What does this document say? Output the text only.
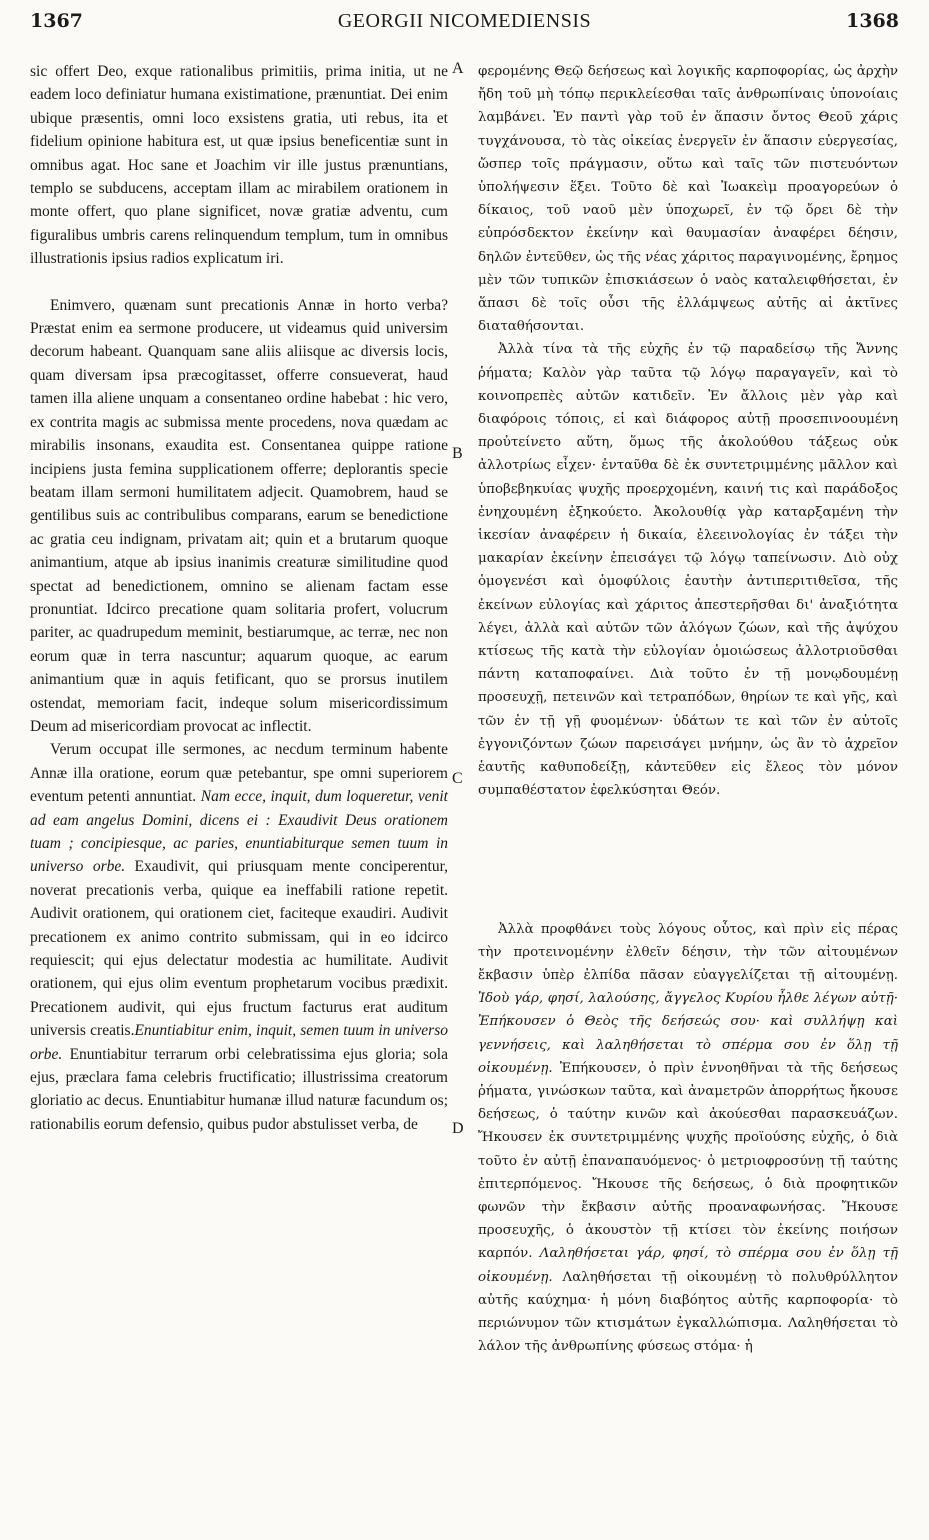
1367	GEORGII NICOMEDIENSIS	1368
A
B
C
D

sic offert Deo, exque rationalibus primitiis, prima initia, ut ne eadem loco definiatur humana existimatione, prænuntiat. Dei enim ubique præsentis, omni loco exsistens gratia, uti rebus, ita et fidelium opinione habitura est, ut quæ ipsius beneficentiæ sunt in omnibus agat. Hoc sane et Joachim vir ille justus prænuntians, templo se subducens, acceptam illam ac mirabilem orationem in monte offert, quo plane significet, novæ gratiæ adventu, cum figuralibus umbris carens relinquendum templum, tum in omnibus illustrationis ipsius radios explicatum iri.

Enimvero, quænam sunt precationis Annæ in horto verba? Præstat enim ea sermone producere, ut videamus quid universim decorum habeant. Quanquam sane aliis aliisque ac diversis locis, quam diversam ipsa præcogitasset, offerre consueverat, haud tamen illa aliene unquam a consentaneo ordine habebat : hic vero, ex contrita magis ac submissa mente procedens, nova quædam ac mirabilis insonans, exaudita est. Consentanea quippe ratione incipiens justa femina supplicationem offerre; deplorantis specie beatam illam sermoni humilitatem adjecit. Quamobrem, haud se gentilibus suis ac contribulibus comparans, earum se benedictione ac gratia ceu indignam, privatam ait; quin et a brutarum quoque animantium, atque ab ipsius inanimis creaturæ similitudine quod spectat ad benedictionem, omnino se alienam factam esse pronuntiat. Idcirco precatione quam solitaria profert, volucrum pariter, ac quadrupedum meminit, bestiarumque, ac terræ, nec non eorum quæ in terra nascuntur; aquarum quoque, ac earum animantium quæ in aquis fetificant, quo se prorsus inutilem ostendat, memoriam facit, indeque solum misericordissimum Deum ad misericordiam provocat ac inflectit.

Verum occupat ille sermones, ac necdum terminum habente Annæ illa oratione, eorum quæ petebantur, spe omni superiorem eventum petenti annuntiat. Nam ecce, inquit, dum loqueretur, venit ad eam angelus Domini, dicens ei : Exaudivit Deus orationem tuam ; concipiesque, ac paries, enuntiabiturque semen tuum in universo orbe. Exaudivit, qui priusquam mente conciperentur, noverat precationis verba, quique ea ineffabili ratione repetit. Audivit orationem, qui orationem ciet, faciteque exaudiri. Audivit precationem ex animo contrito submissam, qui in eo idcirco requiescit; qui ejus delectatur modestia ac humilitate. Audivit orationem, qui ejus olim eventum prophetarum vocibus prædixit. Precationem audivit, qui ejus fructum facturus erat auditum universis creatis.Enuntiabitur enim, inquit, semen tuum in universo orbe. Enuntiabitur terrarum orbi celebratissima ejus gloria; sola ejus, præclara fama celebris fructificatio; illustrissima creatorum gloriatio ac decus. Enuntiabitur humanæ illud naturæ facundum os; rationabilis eorum defensio, quibus pudor abstulisset verba, de

φερομένης Θεῷ δεήσεως καὶ λογικῆς καρποφορίας, ὡς ἀρχὴν ἤδη τοῦ μὴ τόπῳ περικλείεσθαι ταῖς ἀνθρωπίναις ὑπονοίαις λαμβάνει. Ἐν παντὶ γὰρ τοῦ ἐν ἅπασιν ὄντος Θεοῦ χάρις τυγχάνουσα, τὸ τὰς οἰκείας ἐνεργεῖν ἐν ἅπασιν εὐεργεσίας, ὥσπερ τοῖς πράγμασιν, οὕτω καὶ ταῖς τῶν πιστευόντων ὑπολήψεσιν ἕξει. Τοῦτο δὲ καὶ Ἰωακεὶμ προαγορεύων ὁ δίκαιος, τοῦ ναοῦ μὲν ὑποχωρεῖ, ἐν τῷ ὄρει δὲ τὴν εὐπρόσδεκτον ἐκείνην καὶ θαυμασίαν ἀναφέρει δέησιν, δηλῶν ἐντεῦθεν, ὡς τῆς νέας χάριτος παραγινομένης, ἔρημος μὲν τῶν τυπικῶν ἐπισκιάσεων ὁ ναὸς καταλειφθήσεται, ἐν ἅπασι δὲ τοῖς οὖσι τῆς ἐλλάμψεως αὐτῆς αἱ ἀκτῖνες διαταθήσονται.

Ἀλλὰ τίνα τὰ τῆς εὐχῆς ἐν τῷ παραδείσῳ τῆς Ἄννης ῥήματα; Καλὸν γὰρ ταῦτα τῷ λόγῳ παραγαγεῖν, καὶ τὸ κοινοπρεπὲς αὐτῶν κατιδεῖν. Ἐν ἄλλοις μὲν γὰρ καὶ διαφόροις τόποις, εἰ καὶ διάφορος αὐτῇ προσεπινοουμένη προὐτείνετο αὕτη, ὅμως τῆς ἀκολούθου τάξεως οὐκ ἀλλοτρίως εἶχεν· ἐνταῦθα δὲ ἐκ συντετριμμένης μᾶλλον καὶ ὑποβεβηκυίας ψυχῆς προερχομένη, καινή τις καὶ παράδοξος ἐνηχουμένη ἐξηκούετο. Ἀκολουθίᾳ γὰρ καταρξαμένη τὴν ἱκεσίαν ἀναφέρειν ἡ δικαία, ἐλεεινολογίας ἐν τάξει τὴν μακαρίαν ἐκείνην ἐπεισάγει τῷ λόγῳ ταπείνωσιν. Διὸ οὐχ ὁμογενέσι καὶ ὁμοφύλοις ἑαυτὴν ἀντιπεριτιθεῖσα, τῆς ἐκείνων εὐλογίας καὶ χάριτος ἀπεστερῆσθαι δι' ἀναξιότητα λέγει, ἀλλὰ καὶ αὐτῶν τῶν ἀλόγων ζώων, καὶ τῆς ἀψύχου κτίσεως τῆς κατὰ τὴν εὐλογίαν ὁμοιώσεως ἀλλοτριοῦσθαι πάντη καταποφαίνει. Διὰ τοῦτο ἐν τῇ μονῳδουμένῃ προσευχῇ, πετεινῶν καὶ τετραπόδων, θηρίων τε καὶ γῆς, καὶ τῶν ἐν τῇ γῇ φυομένων· ὑδάτων τε καὶ τῶν ἐν αὐτοῖς ἐγγονιζόντων ζώων παρεισάγει μνήμην, ὡς ἂν τὸ ἀχρεῖον ἑαυτῆς καθυποδείξῃ, κἀντεῦθεν εἰς ἔλεος τὸν μόνον συμπαθέστατον ἐφελκύσηται Θεόν.

Ἀλλὰ προφθάνει τοὺς λόγους οὗτος, καὶ πρὶν εἰς πέρας τὴν προτεινομένην ἐλθεῖν δέησιν, τὴν τῶν αἰτουμένων ἔκβασιν ὑπὲρ ἐλπίδα πᾶσαν εὐαγγελίζεται τῇ αἰτουμένῃ. Ἰδοὺ γάρ, φησί, λαλούσης, ἄγγελος Κυρίου ἦλθε λέγων αὐτῇ· Ἐπήκουσεν ὁ Θεὸς τῆς δεήσεώς σου· καὶ συλλήψῃ καὶ γεννήσεις, καὶ λαληθήσεται τὸ σπέρμα σου ἐν ὅλῃ τῇ οἰκουμένῃ. Ἐπήκουσεν, ὁ πρὶν ἐννοηθῆναι τὰ τῆς δεήσεως ῥήματα, γινώσκων ταῦτα, καὶ ἀναμετρῶν ἀπορρήτως ἤκουσε δεήσεως, ὁ ταύτην κινῶν καὶ ἀκούεσθαι παρασκευάζων. Ἤκουσεν ἐκ συντετριμμένης ψυχῆς προϊούσης εὐχῆς, ὁ διὰ τοῦτο ἐν αὐτῇ ἐπαναπαυόμενος· ὁ μετριοφροσύνῃ τῇ ταύτης ἐπιτερπόμενος. Ἤκουσε τῆς δεήσεως, ὁ διὰ προφητικῶν φωνῶν τὴν ἔκβασιν αὐτῆς προαναφωνήσας. Ἤκουσε προσευχῆς, ὁ ἀκουστὸν τῇ κτίσει τὸν ἐκείνης ποιήσων καρπόν. Λαληθήσεται γάρ, φησί, τὸ σπέρμα σου ἐν ὅλῃ τῇ οἰκουμένῃ. Λαληθήσεται τῇ οἰκουμένῃ τὸ πολυθρύλλητον αὐτῆς καύχημα· ἡ μόνη διαβόητος αὐτῆς καρποφορία· τὸ περιώνυμον τῶν κτισμάτων ἐγκαλλώπισμα. Λαληθήσεται τὸ λάλον τῆς ἀνθρωπίνης φύσεως στόμα· ἡ
